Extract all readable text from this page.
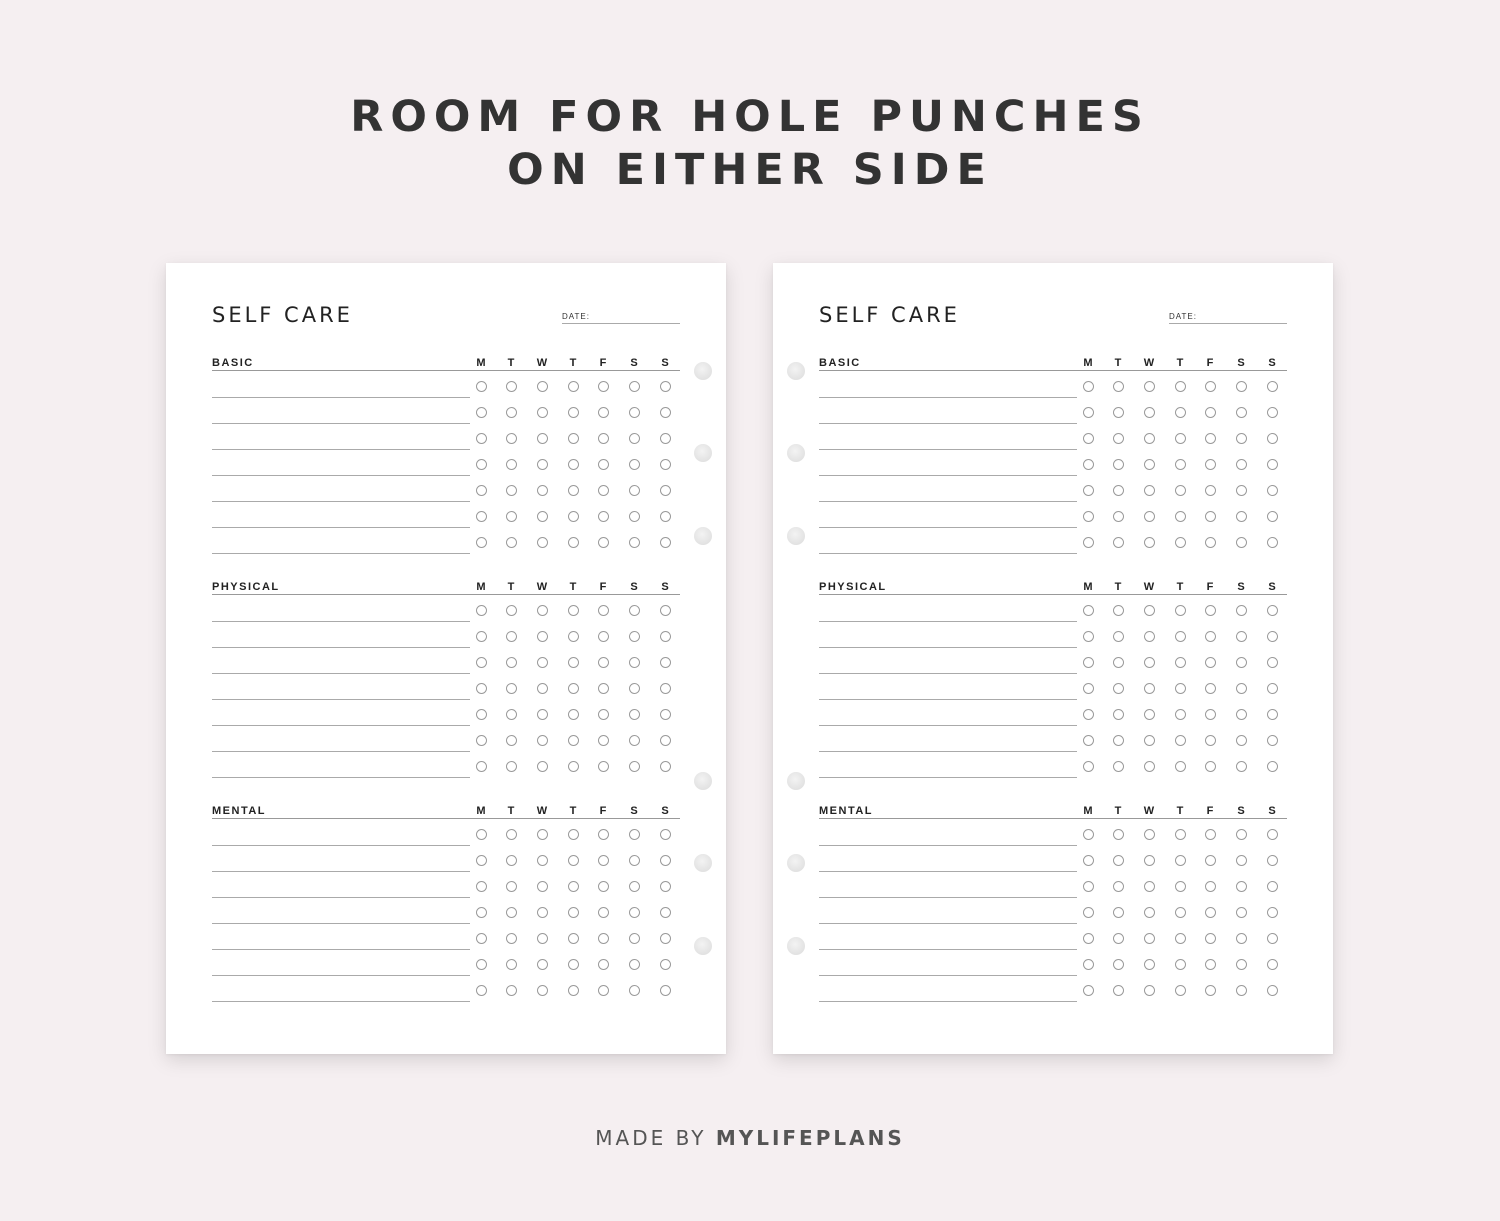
ROOM FOR HOLE PUNCHES
ON EITHER SIDE
SELF CARE	DATE:
BASIC	M	T	W	T	F	S	S
PHYSICAL	M	T	W	T	F	S	S
MENTAL	M	T	W	T	F	S	S
SELF CARE	DATE:
BASIC	M	T	W	T	F	S	S
PHYSICAL	M	T	W	T	F	S	S
MENTAL	M	T	W	T	F	S	S
MADE BY MYLIFEPLANS
